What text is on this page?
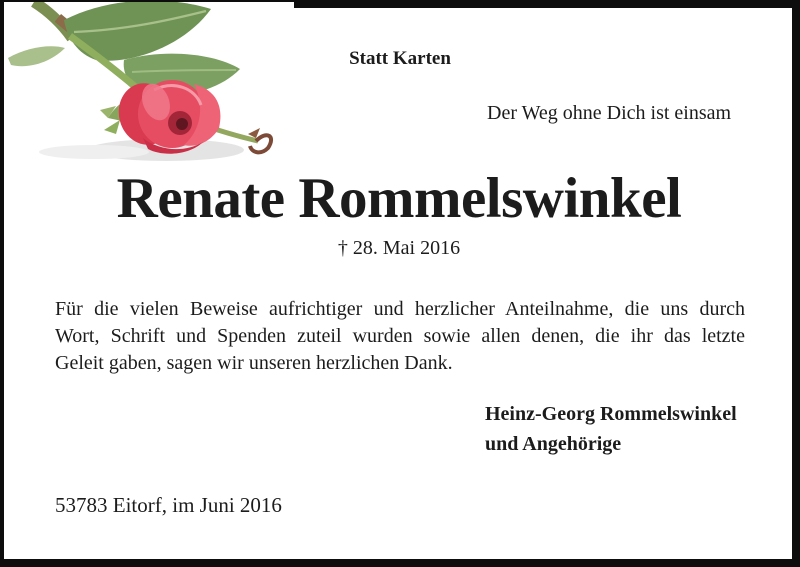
Statt Karten
Der Weg ohne Dich ist einsam
Renate Rommelswinkel
† 28. Mai 2016
Für die vielen Beweise aufrichtiger und herzlicher Anteilnahme, die uns durch
Wort, Schrift und Spenden zuteil wurden sowie allen denen, die ihr das letzte
Geleit gaben, sagen wir unseren herzlichen Dank.
Heinz-Georg Rommelswinkel
und Angehörige
53783 Eitorf, im Juni 2016
